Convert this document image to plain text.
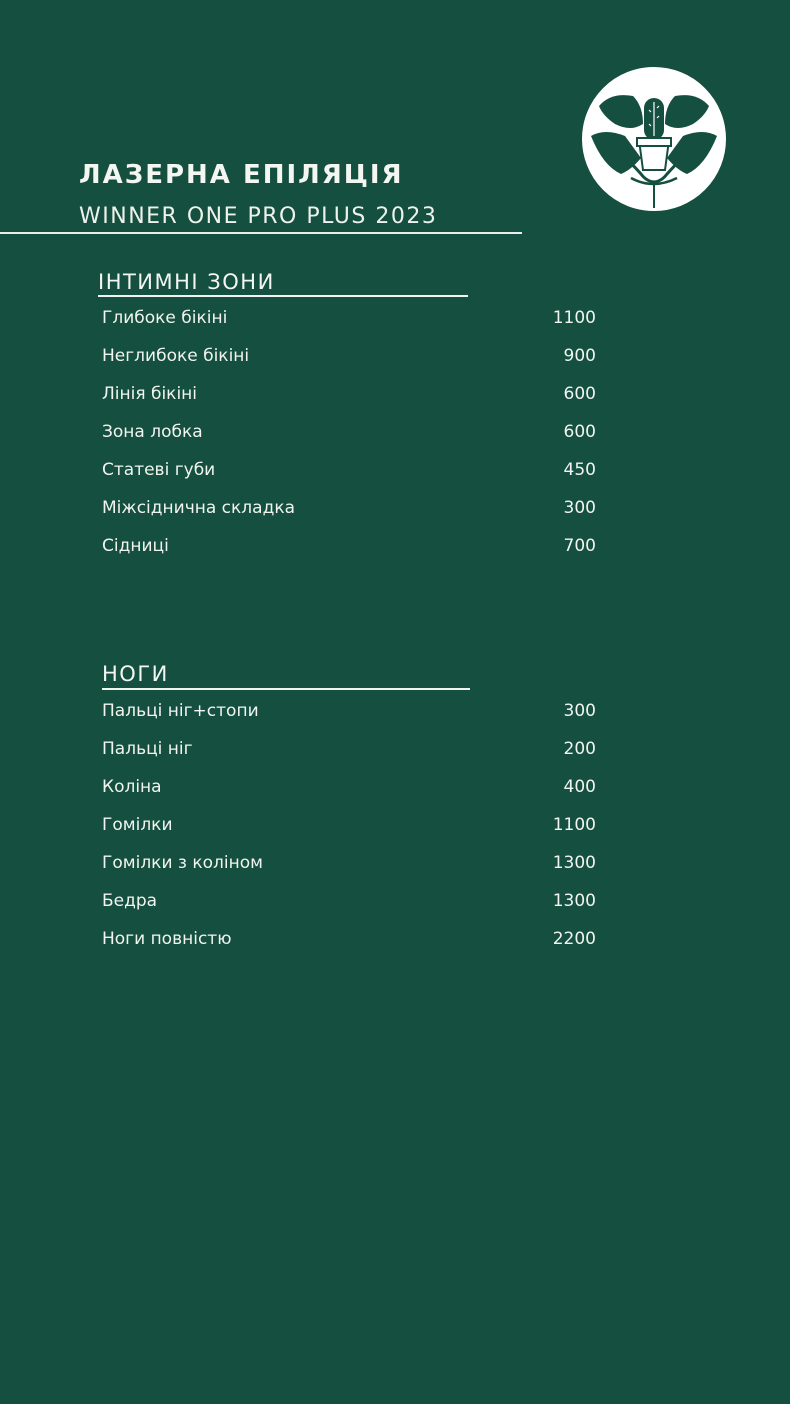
ЛАЗЕРНА ЕПІЛЯЦІЯ
WINNER ONE PRO PLUS 2023
ІНТИМНІ ЗОНИ
Глибоке бікіні	1100
Неглибоке бікіні	900
Лінія бікіні	600
Зона лобка	600
Статеві губи	450
Міжсіднична складка	300
Сідниці	700
НОГИ
Пальці ніг+стопи	300
Пальці ніг	200
Коліна	400
Гомілки	1100
Гомілки з коліном	1300
Бедра	1300
Ноги повністю	2200
